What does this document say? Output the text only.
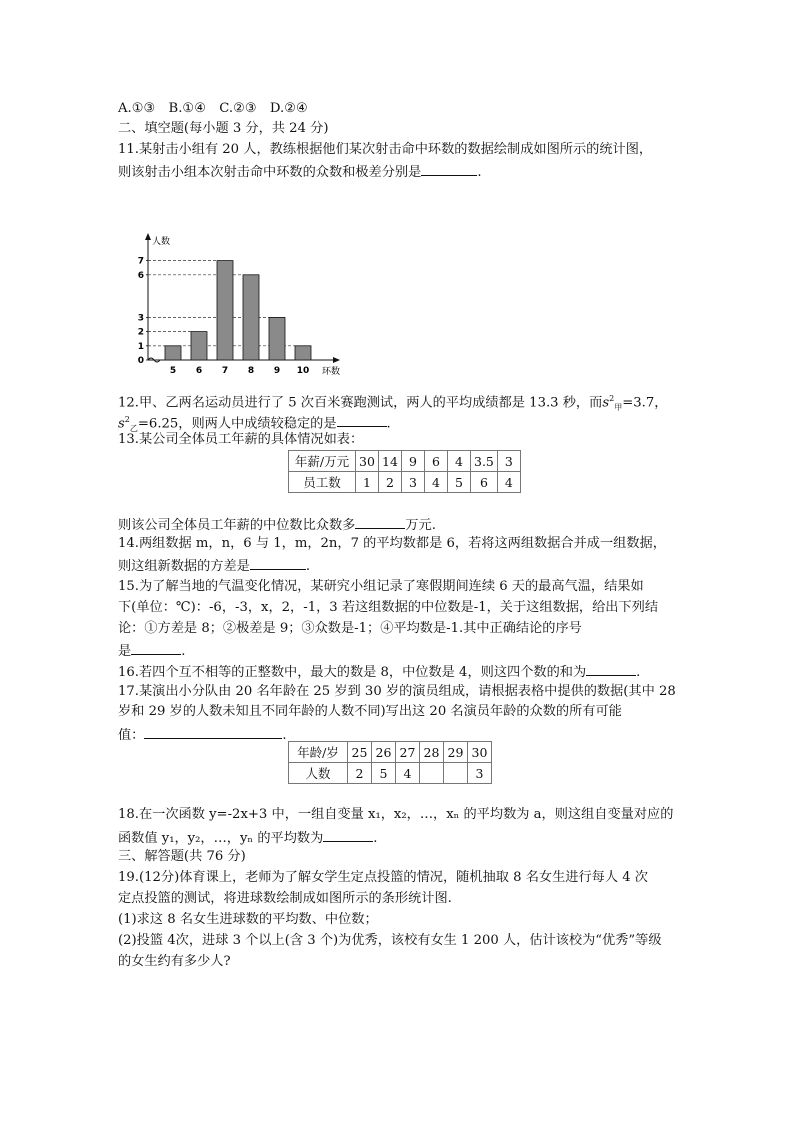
A.①③　B.①④　C.②③　D.②④
二、填空题(每小题 3 分，共 24 分)
11.某射击小组有 20 人，教练根据他们某次射击命中环数的数据绘制成如图所示的统计图，
则该射击小组本次射击命中环数的众数和极差分别是	.
人数
环数
0
1
2
3
6
7
5 6 7 8 9 10
12.甲、乙两名运动员进行了 5 次百米赛跑测试，两人的平均成绩都是 13.3 秒，而$s^2_甲=3.7$，
$s^2_乙=6.25$，则两人中成绩较稳定的是	.
13.某公司全体员工年薪的具体情况如表：
年薪/万元	30	14	9	6	4	3.5	3
员工数	1	2	3	4	5	6	4
则该公司全体员工年薪的中位数比众数多	万元.
14.两组数据 m，n，6 与 1，m，2n，7 的平均数都是 6，若将这两组数据合并成一组数据，
则这组新数据的方差是	.
15.为了解当地的气温变化情况，某研究小组记录了寒假期间连续 6 天的最高气温，结果如
下(单位：℃)：-6，-3，x，2，-1，3 若这组数据的中位数是-1，关于这组数据，给出下列结
论：①方差是 8；②极差是 9；③众数是-1；④平均数是-1.其中正确结论的序号
是	.
16.若四个互不相等的正整数中，最大的数是 8，中位数是 4，则这四个数的和为	.
17.某演出小分队由 20 名年龄在 25 岁到 30 岁的演员组成，请根据表格中提供的数据(其中 28
岁和 29 岁的人数未知且不同年龄的人数不同)写出这 20 名演员年龄的众数的所有可能
值：	.
年龄/岁	25	26	27	28	29	30
人数	2	5	4			3
18.在一次函数 y=-2x+3 中，一组自变量 x₁，x₂，…，xₙ 的平均数为 a，则这组自变量对应的
函数值 y₁，y₂，…，yₙ 的平均数为	.
三、解答题(共 76 分)
19.(12分)体育课上，老师为了解女学生定点投篮的情况，随机抽取 8 名女生进行每人 4 次
定点投篮的测试，将进球数绘制成如图所示的条形统计图.
(1)求这 8 名女生进球数的平均数、中位数；
(2)投篮 4次，进球 3 个以上(含 3 个)为优秀，该校有女生 1 200 人，估计该校为“优秀”等级
的女生约有多少人?
